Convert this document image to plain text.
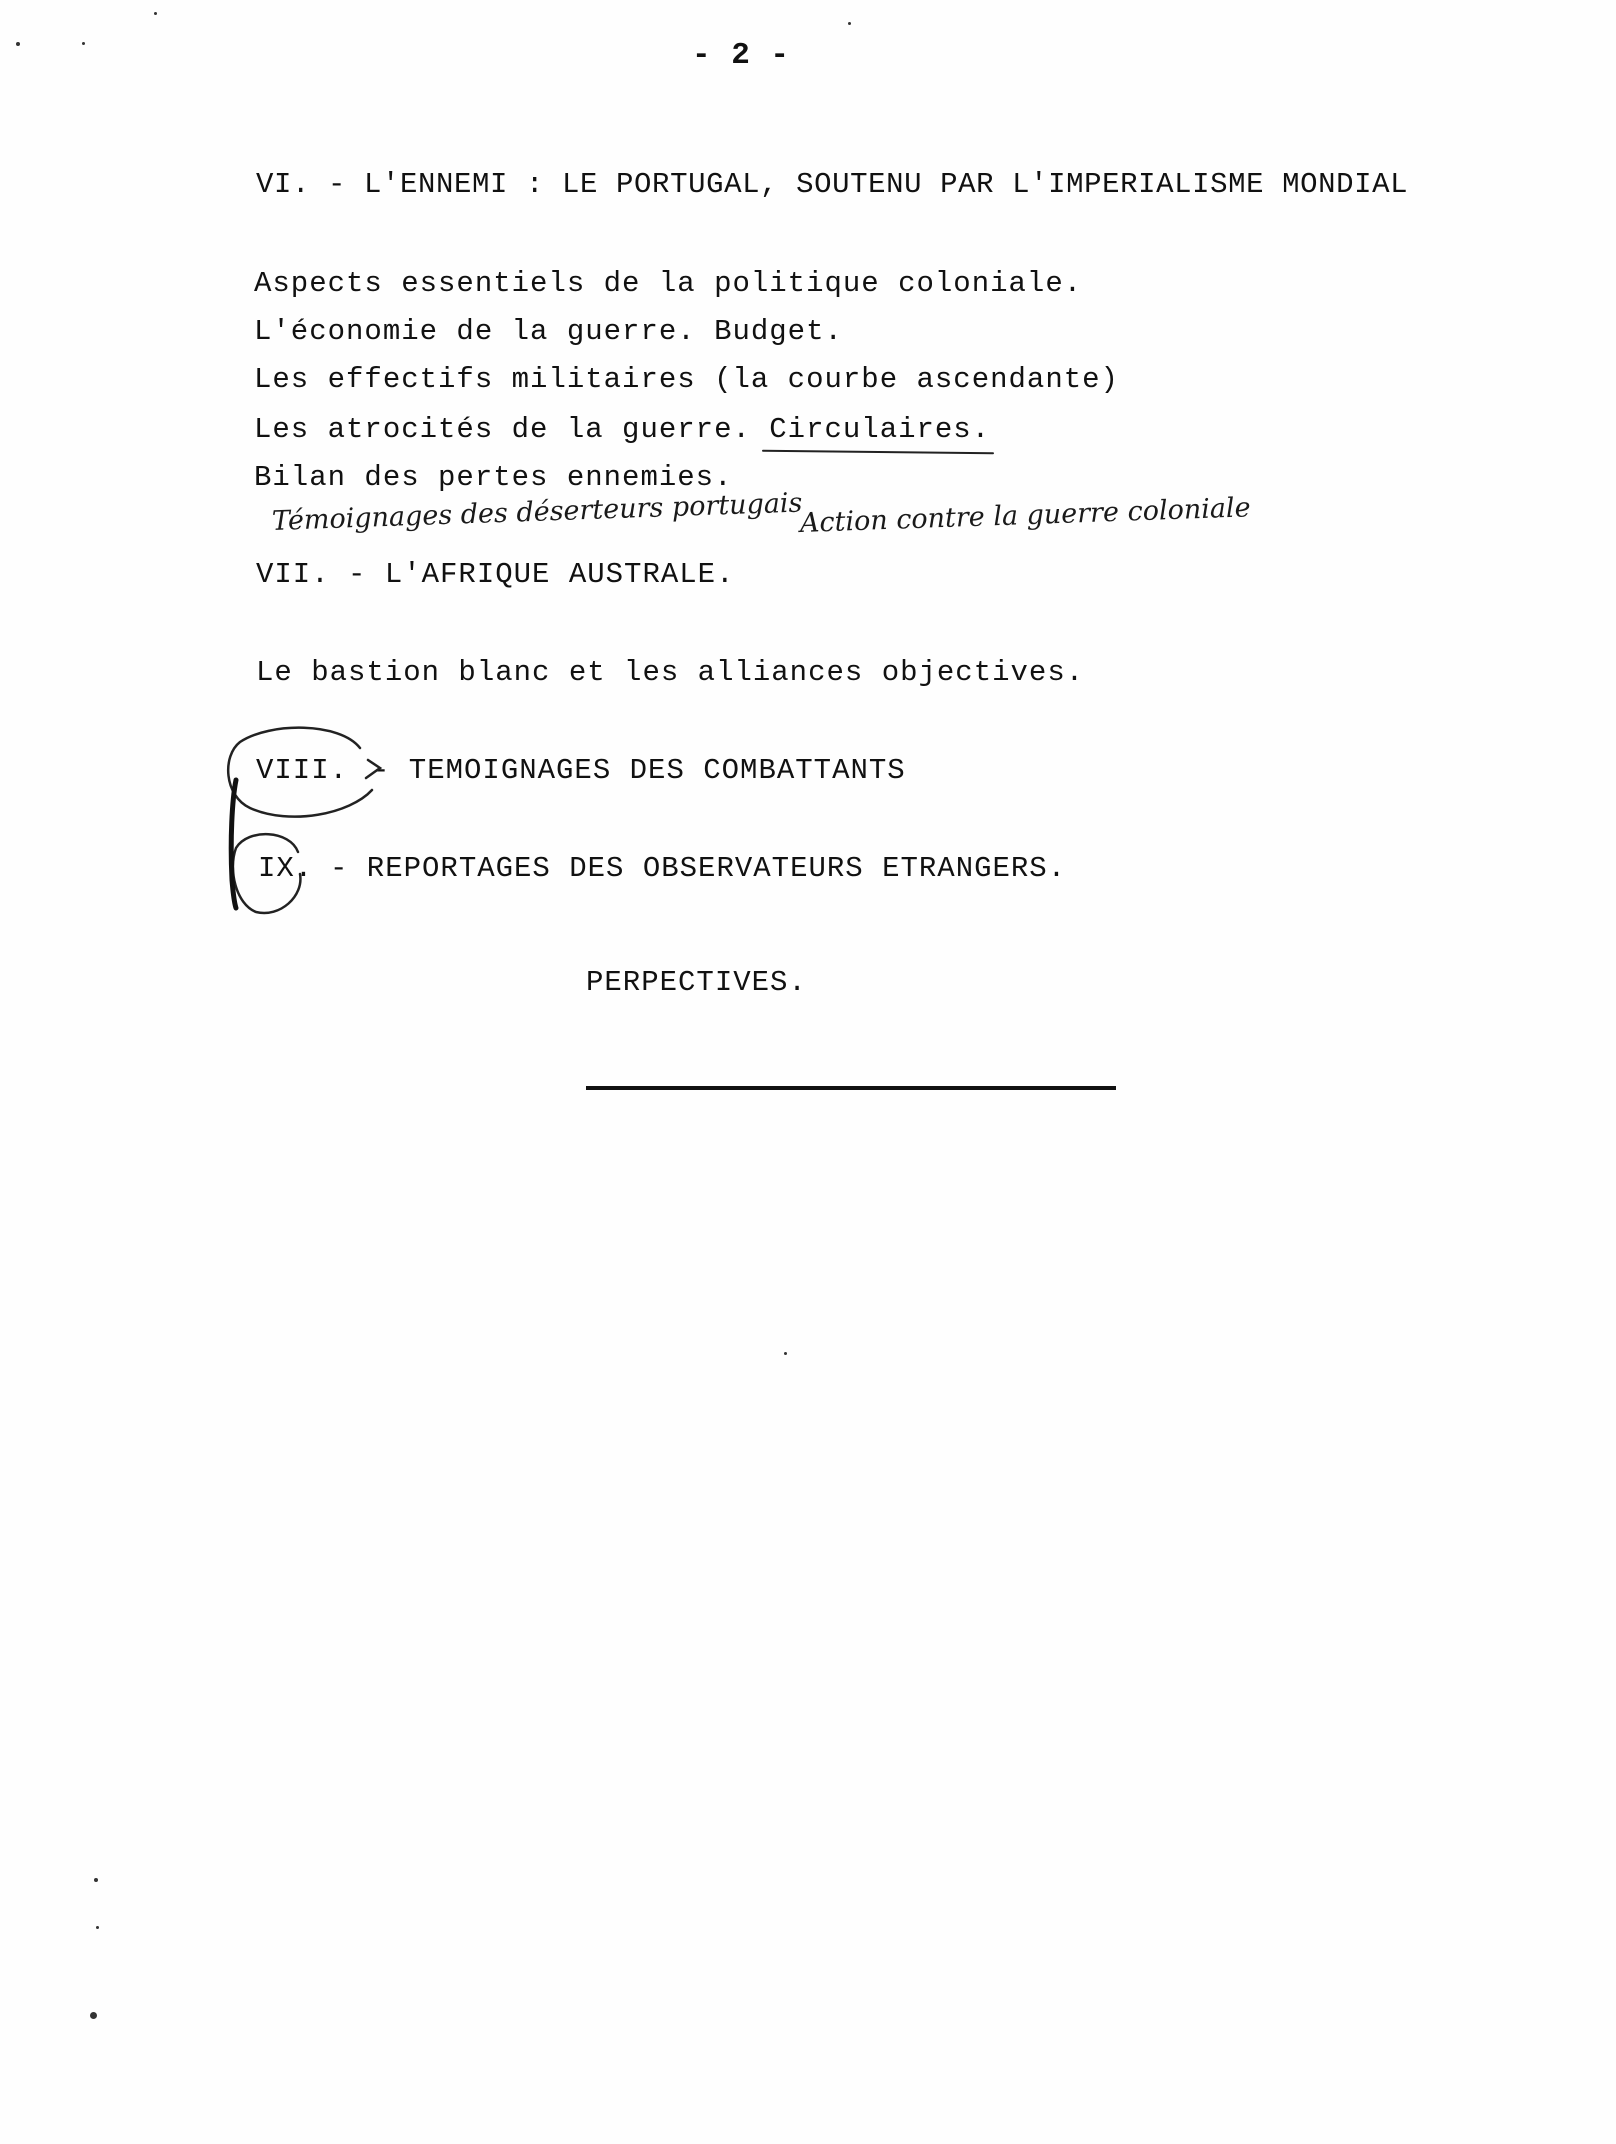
- 2 -
VI. - L'ENNEMI : LE PORTUGAL, SOUTENU PAR L'IMPERIALISME MONDIAL
Aspects essentiels de la politique coloniale.
L'économie de la guerre. Budget.
Les effectifs militaires (la courbe ascendante)
Les atrocités de la guerre. Circulaires.
Bilan des pertes ennemies.
Témoignages des déserteurs portugais
Action contre la guerre coloniale
VII. - L'AFRIQUE AUSTRALE.
Le bastion blanc et les alliances objectives.
VIII. - TEMOIGNAGES DES COMBATTANTS
IX. - REPORTAGES DES OBSERVATEURS ETRANGERS.
PERPECTIVES.
